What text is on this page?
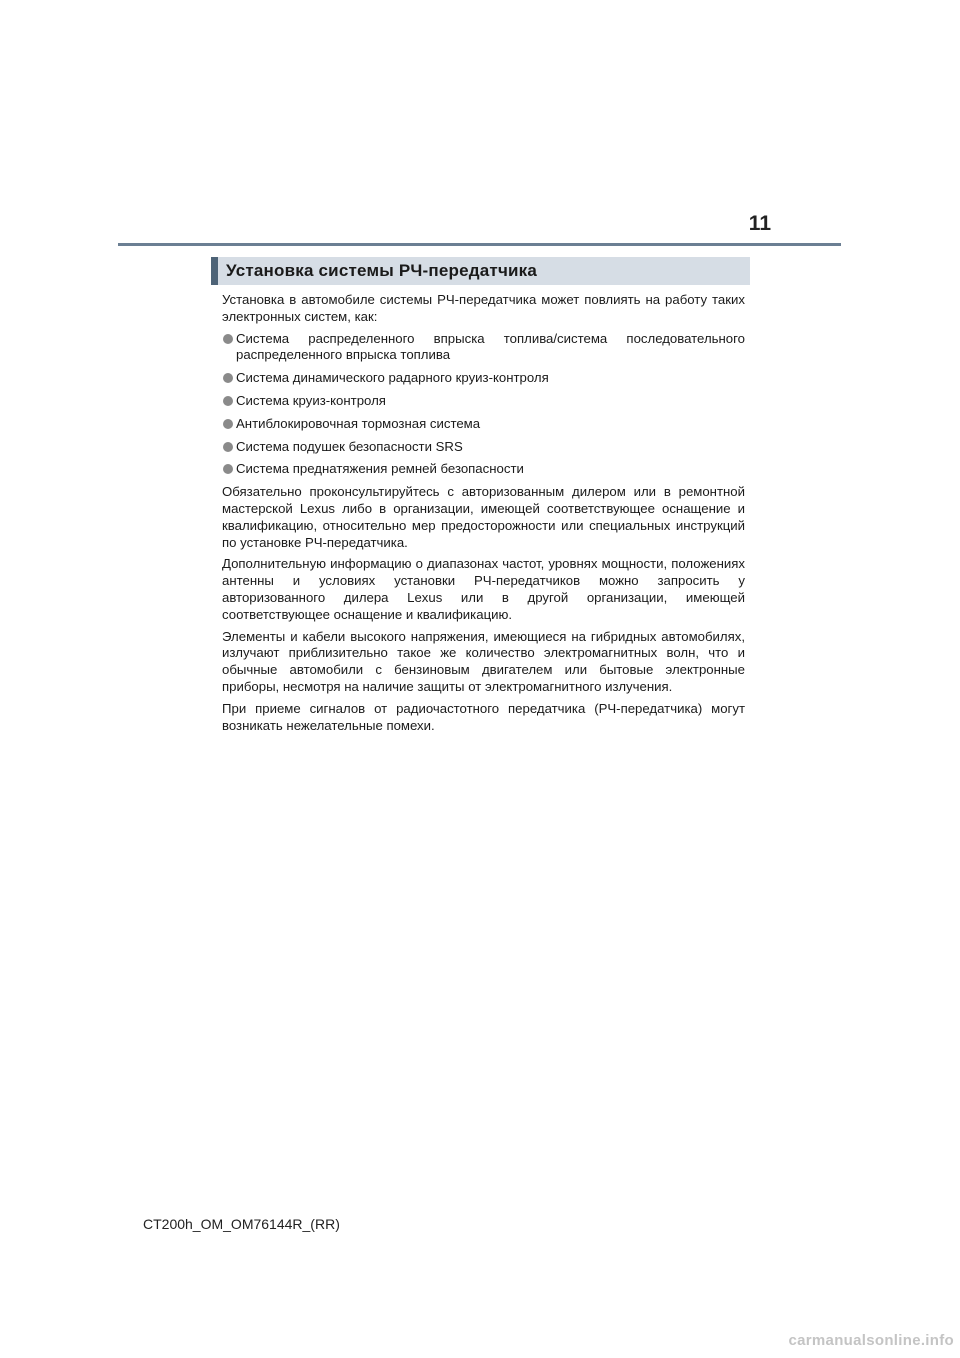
11
Установка системы РЧ-передатчика

Установка в автомобиле системы РЧ-передатчика может повлиять на работу таких электронных систем, как:

Система распределенного впрыска топлива/система последовательного распределенного впрыска топлива
Система динамического радарного круиз-контроля
Система круиз-контроля
Антиблокировочная тормозная система
Система подушек безопасности SRS
Система преднатяжения ремней безопасности

Обязательно проконсультируйтесь с авторизованным дилером или в ремонтной мастерской Lexus либо в организации, имеющей соответствующее оснащение и квалификацию, относительно мер предосторожности или специальных инструкций по установке РЧ-передатчика.

Дополнительную информацию о диапазонах частот, уровнях мощности, положениях антенны и условиях установки РЧ-передатчиков можно запросить у авторизованного дилера Lexus или в другой организации, имеющей соответствующее оснащение и квалификацию.

Элементы и кабели высокого напряжения, имеющиеся на гибридных автомобилях, излучают приблизительно такое же количество электромагнитных волн, что и обычные автомобили с бензиновым двигателем или бытовые электронные приборы, несмотря на наличие защиты от электромагнитного излучения.

При приеме сигналов от радиочастотного передатчика (РЧ-передатчика) могут возникать нежелательные помехи.

CT200h_OM_OM76144R_(RR)
carmanualsonline.info
